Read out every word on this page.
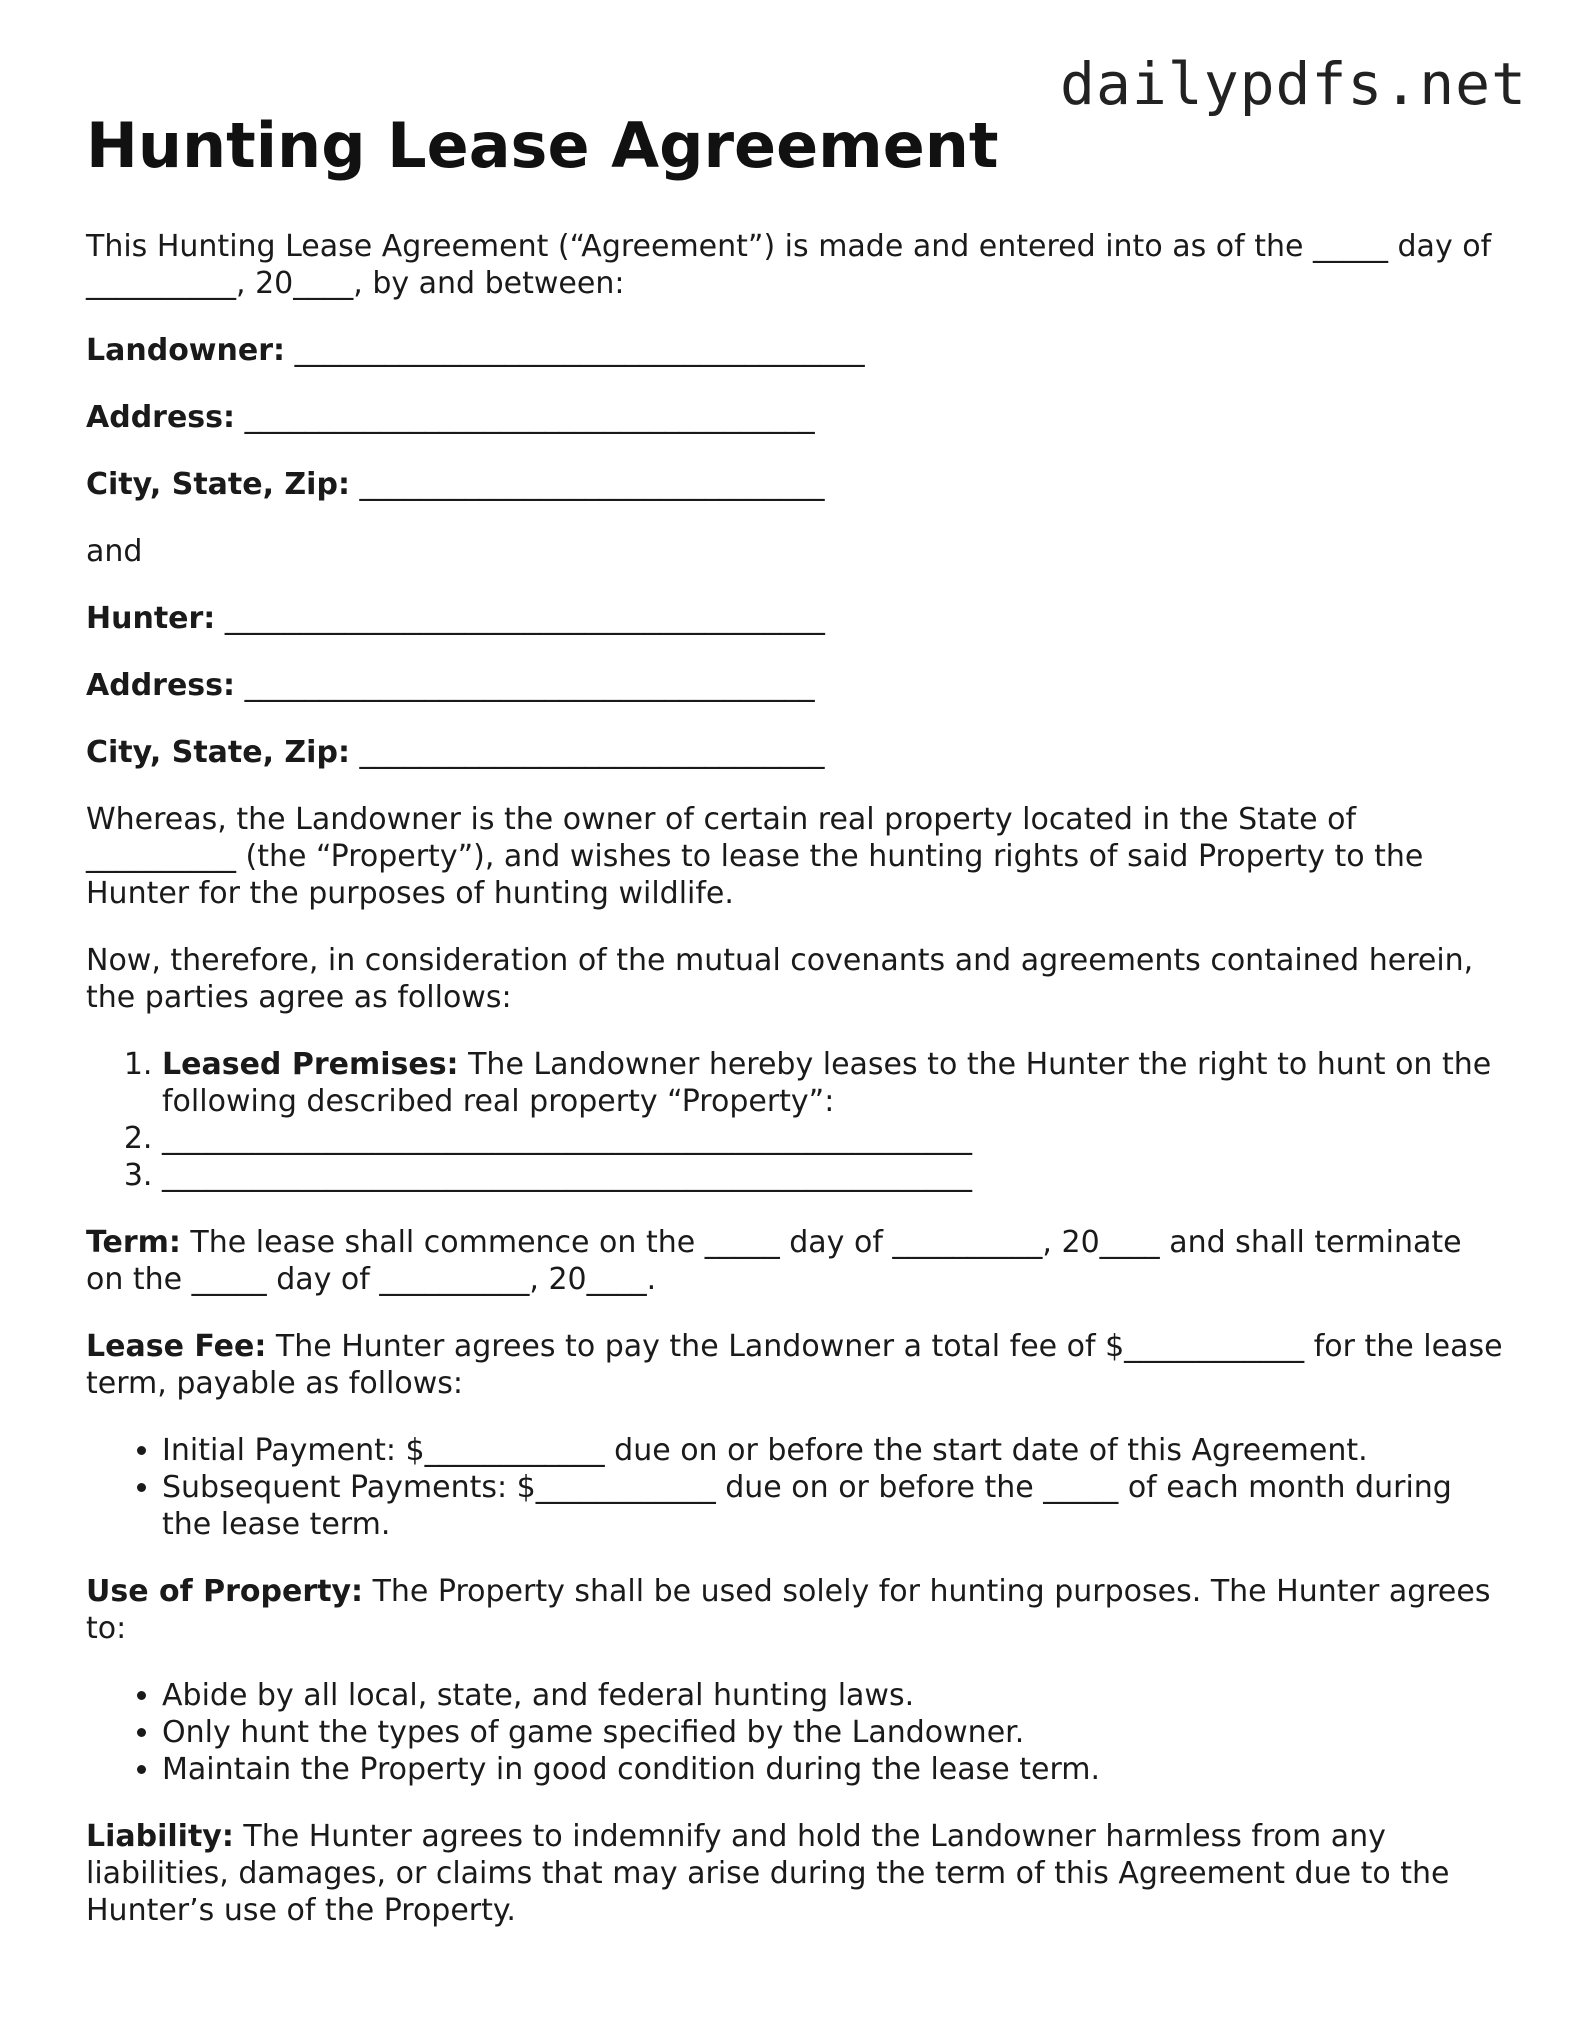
dailypdfs.net
Hunting Lease Agreement

This Hunting Lease Agreement (“Agreement”) is made and entered into as of the _____ day of __________, 20____, by and between:

Landowner: ______________________________________
Address: ______________________________________
City, State, Zip: _______________________________

and

Hunter: ________________________________________
Address: ______________________________________
City, State, Zip: _______________________________

Whereas, the Landowner is the owner of certain real property located in the State of __________ (the “Property”), and wishes to lease the hunting rights of said Property to the Hunter for the purposes of hunting wildlife.

Now, therefore, in consideration of the mutual covenants and agreements contained herein, the parties agree as follows:

1. Leased Premises: The Landowner hereby leases to the Hunter the right to hunt on the following described real property “Property”:
2. ______________________________________________________
3. ______________________________________________________

Term: The lease shall commence on the _____ day of __________, 20____ and shall terminate on the _____ day of __________, 20____.

Lease Fee: The Hunter agrees to pay the Landowner a total fee of $____________ for the lease term, payable as follows:

• Initial Payment: $____________ due on or before the start date of this Agreement.
• Subsequent Payments: $____________ due on or before the _____ of each month during the lease term.

Use of Property: The Property shall be used solely for hunting purposes. The Hunter agrees to:

• Abide by all local, state, and federal hunting laws.
• Only hunt the types of game specified by the Landowner.
• Maintain the Property in good condition during the lease term.

Liability: The Hunter agrees to indemnify and hold the Landowner harmless from any liabilities, damages, or claims that may arise during the term of this Agreement due to the Hunter’s use of the Property.
